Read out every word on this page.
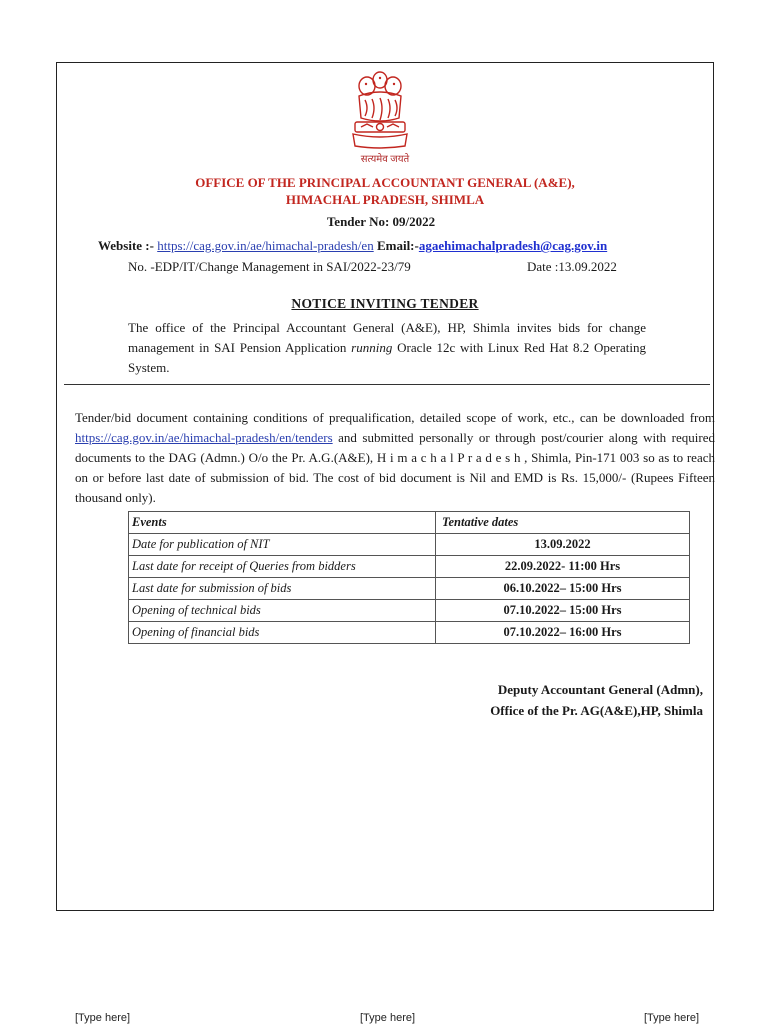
सत्यमेव जयते
OFFICE OF THE PRINCIPAL ACCOUNTANT GENERAL (A&E),
HIMACHAL PRADESH, SHIMLA
Tender No: 09/2022
Website :- https://cag.gov.in/ae/himachal-pradesh/en Email:-agaehimachalpradesh@cag.gov.in
No. -EDP/IT/Change Management in SAI/2022-23/79	Date :13.09.2022
NOTICE INVITING TENDER

The office of the Principal Accountant General (A&E), HP, Shimla invites bids for change management in SAI Pension Application running Oracle 12c with Linux Red Hat 8.2 Operating System.

Tender/bid document containing conditions of prequalification, detailed scope of work, etc., can be downloaded from https://cag.gov.in/ae/himachal-pradesh/en/tenders and submitted personally or through post/courier along with required documents to the DAG (Admn.) O/o the Pr. A.G.(A&E), H i m a c h a l P r a d e s h , Shimla, Pin-171 003 so as to reach on or before last date of submission of bid. The cost of bid document is Nil and EMD is Rs. 15,000/- (Rupees Fifteen thousand only).

Events	Tentative dates
Date for publication of NIT	13.09.2022
Last date for receipt of Queries from bidders	22.09.2022- 11:00 Hrs
Last date for submission of bids	06.10.2022– 15:00 Hrs
Opening of technical bids	07.10.2022– 15:00 Hrs
Opening of financial bids	07.10.2022– 16:00 Hrs
Deputy Accountant General (Admn),
Office of the Pr. AG(A&E),HP, Shimla
[Type here]	[Type here]	[Type here]
